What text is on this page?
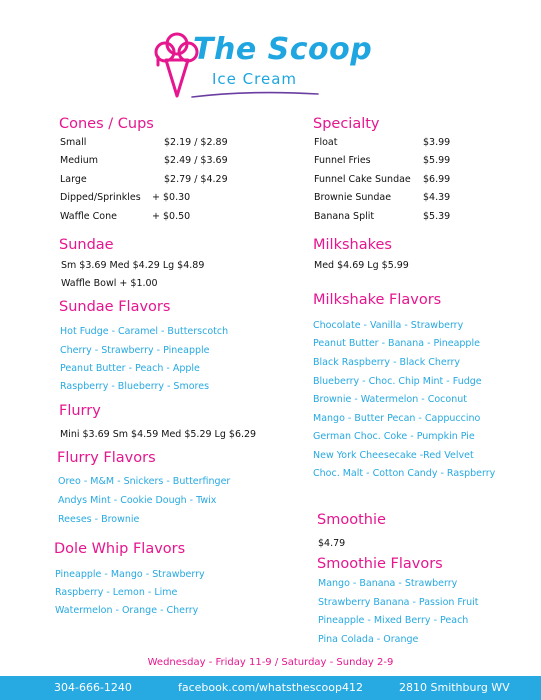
The Scoop
Ice Cream
Cones / Cups
Small	$2.19 / $2.89
Medium	$2.49 / $3.69
Large	$2.79 / $4.29
Dipped/Sprinkles + $0.30
Waffle Cone	+ $0.50
Sundae
Sm $3.69 Med $4.29 Lg $4.89
Waffle Bowl + $1.00
Sundae Flavors
Hot Fudge - Caramel - Butterscotch
Cherry - Strawberry - Pineapple
Peanut Butter - Peach - Apple
Raspberry - Blueberry - Smores
Flurry
Mini $3.69 Sm $4.59 Med $5.29 Lg $6.29
Flurry Flavors
Oreo - M&M - Snickers - Butterfinger
Andys Mint - Cookie Dough - Twix
Reeses - Brownie
Dole Whip Flavors
Pineapple - Mango - Strawberry
Raspberry - Lemon - Lime
Watermelon - Orange - Cherry
Specialty
Float	$3.99
Funnel Fries	$5.99
Funnel Cake Sundae $6.99
Brownie Sundae	$4.39
Banana Split	$5.39
Milkshakes
Med $4.69 Lg $5.99
Milkshake Flavors
Chocolate - Vanilla - Strawberry
Peanut Butter - Banana - Pineapple
Black Raspberry - Black Cherry
Blueberry - Choc. Chip Mint - Fudge
Brownie - Watermelon - Coconut
Mango - Butter Pecan - Cappuccino
German Choc. Coke - Pumpkin Pie
New York Cheesecake -Red Velvet
Choc. Malt - Cotton Candy - Raspberry
Smoothie
$4.79
Smoothie Flavors
Mango - Banana - Strawberry
Strawberry Banana - Passion Fruit
Pineapple - Mixed Berry - Peach
Pina Colada - Orange
Wednesday - Friday 11-9 / Saturday - Sunday 2-9
304-666-1240	facebook.com/whatsthescoop412	2810 Smithburg WV
